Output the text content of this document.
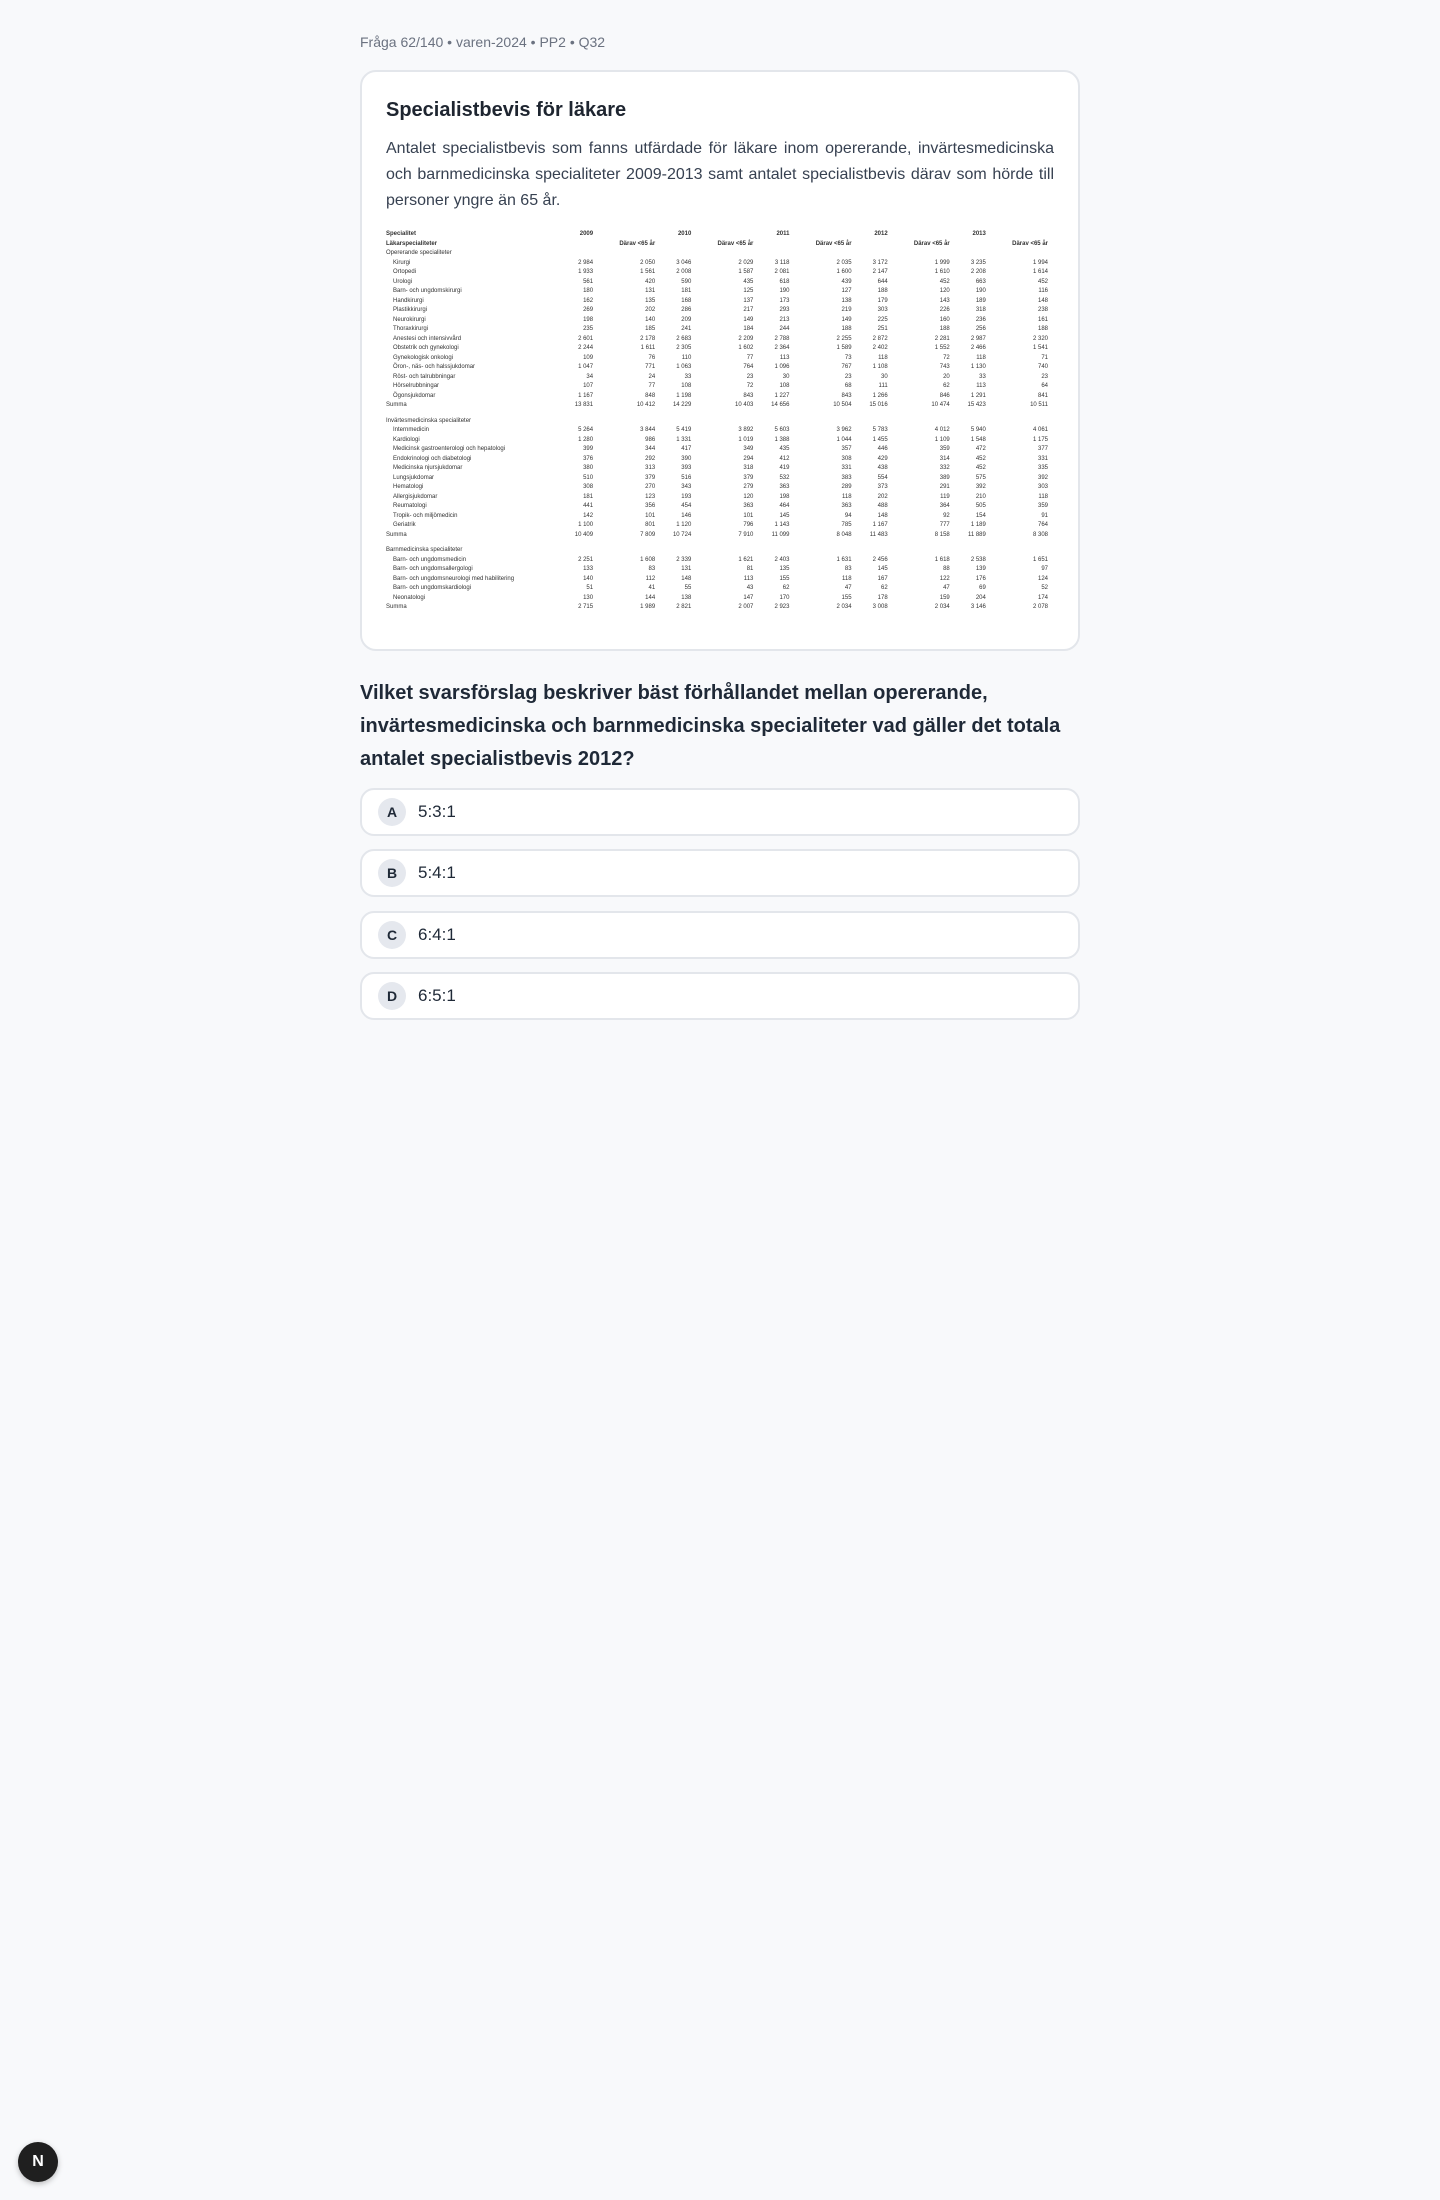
Fråga 62/140 • varen-2024 • PP2 • Q32
Specialistbevis för läkare
Antalet specialistbevis som fanns utfärdade för läkare inom opererande, invärtesmedicinska och barnmedicinska specialiteter 2009-2013 samt antalet specialistbevis därav som hörde till personer yngre än 65 år.
Specialitet	2009		2010		2011		2012		2013	
Läkarspecialiteter		Därav <65 år		Därav <65 år		Därav <65 år		Därav <65 år		Därav <65 år
Opererande specialiteter										
Kirurgi	2 984	2 050	3 046	2 029	3 118	2 035	3 172	1 999	3 235	1 994
Ortopedi	1 933	1 561	2 008	1 587	2 081	1 600	2 147	1 610	2 208	1 614
Urologi	561	420	590	435	618	439	644	452	663	452
Barn- och ungdomskirurgi	180	131	181	125	190	127	188	120	190	116
Handkirurgi	162	135	168	137	173	138	179	143	189	148
Plastikkirurgi	269	202	286	217	293	219	303	226	318	238
Neurokirurgi	198	140	209	149	213	149	225	160	236	161
Thoraxkirurgi	235	185	241	184	244	188	251	188	256	188
Anestesi och intensivvård	2 601	2 178	2 683	2 209	2 788	2 255	2 872	2 281	2 987	2 320
Obstetrik och gynekologi	2 244	1 611	2 305	1 602	2 364	1 589	2 402	1 552	2 466	1 541
Gynekologisk onkologi	109	76	110	77	113	73	118	72	118	71
Öron-, näs- och halssjukdomar	1 047	771	1 063	764	1 096	767	1 108	743	1 130	740
Röst- och talrubbningar	34	24	33	23	30	23	30	20	33	23
Hörselrubbningar	107	77	108	72	108	68	111	62	113	64
Ögonsjukdomar	1 167	848	1 198	843	1 227	843	1 266	846	1 291	841
Summa	13 831	10 412	14 229	10 403	14 656	10 504	15 016	10 474	15 423	10 511

Invärtesmedicinska specialiteter										
Internmedicin	5 264	3 844	5 419	3 892	5 603	3 962	5 783	4 012	5 940	4 061
Kardiologi	1 280	986	1 331	1 019	1 388	1 044	1 455	1 109	1 548	1 175
Medicinsk gastroenterologi och hepatologi	399	344	417	349	435	357	446	359	472	377
Endokrinologi och diabetologi	376	292	390	294	412	308	429	314	452	331
Medicinska njursjukdomar	380	313	393	318	419	331	438	332	452	335
Lungsjukdomar	510	379	516	379	532	383	554	389	575	392
Hematologi	308	270	343	279	363	289	373	291	392	303
Allergisjukdomar	181	123	193	120	198	118	202	119	210	118
Reumatologi	441	356	454	363	464	363	488	364	505	359
Tropik- och miljömedicin	142	101	146	101	145	94	148	92	154	91
Geriatrik	1 100	801	1 120	796	1 143	785	1 167	777	1 189	764
Summa	10 409	7 809	10 724	7 910	11 099	8 048	11 483	8 158	11 889	8 308

Barnmedicinska specialiteter										
Barn- och ungdomsmedicin	2 251	1 608	2 339	1 621	2 403	1 631	2 456	1 618	2 538	1 651
Barn- och ungdomsallergologi	133	83	131	81	135	83	145	88	139	97
Barn- och ungdomsneurologi med habilitering	140	112	148	113	155	118	167	122	176	124
Barn- och ungdomskardiologi	51	41	55	43	62	47	62	47	69	52
Neonatologi	130	144	138	147	170	155	178	159	204	174
Summa	2 715	1 989	2 821	2 007	2 923	2 034	3 008	2 034	3 146	2 078
Vilket svarsförslag beskriver bäst förhållandet mellan opererande, invärtesmedicinska och barnmedicinska specialiteter vad gäller det totala antalet specialistbevis 2012?
A	5:3:1
B	5:4:1
C	6:4:1
D	6:5:1
N
